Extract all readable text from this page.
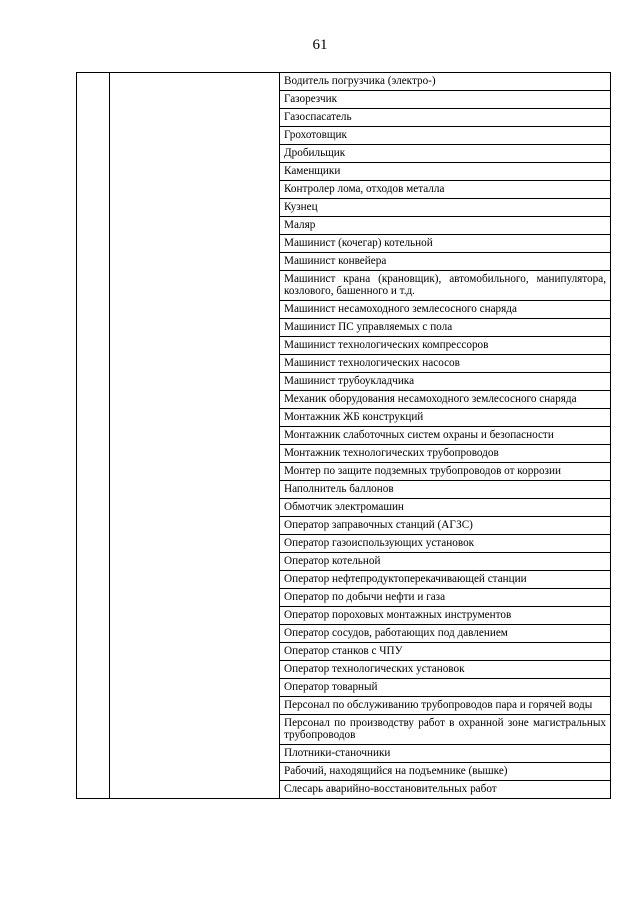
61
		Водитель погрузчика (электро-)
Газорезчик
Газоспасатель
Грохотовщик
Дробильщик
Каменщики
Контролер лома, отходов металла
Кузнец
Маляр
Машинист (кочегар) котельной
Машинист конвейера
Машинист крана (крановщик), автомобильного, манипулятора, козлового, башенного и т.д.
Машинист несамоходного землесосного снаряда
Машинист ПС управляемых с пола
Машинист технологических компрессоров
Машинист технологических насосов
Машинист трубоукладчика
Механик оборудования несамоходного землесосного снаряда
Монтажник ЖБ конструкций
Монтажник слаботочных систем охраны и безопасности
Монтажник технологических трубопроводов
Монтер по защите подземных трубопроводов от коррозии
Наполнитель баллонов
Обмотчик электромашин
Оператор заправочных станций (АГЗС)
Оператор газоиспользующих установок
Оператор котельной
Оператор нефтепродуктоперекачивающей станции
Оператор по добычи нефти и газа
Оператор пороховых монтажных инструментов
Оператор сосудов, работающих под давлением
Оператор станков с ЧПУ
Оператор технологических установок
Оператор товарный
Персонал по обслуживанию трубопроводов пара и горячей воды
Персонал по производству работ в охранной зоне магистральных трубопроводов
Плотники-станочники
Рабочий, находящийся на подъемнике (вышке)
Слесарь аварийно-восстановительных работ
